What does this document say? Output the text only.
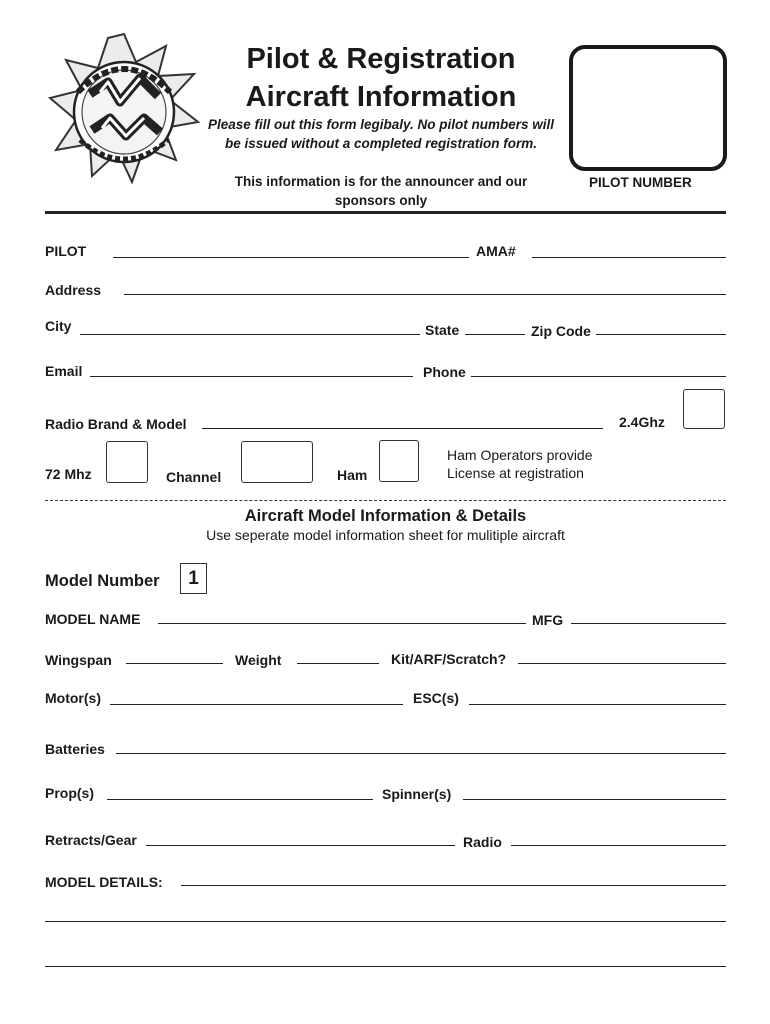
Pilot & Registration
Aircraft Information
Please fill out this form legibaly. No pilot numbers will be issued without a completed registration form.
This information is for the announcer and our sponsors only
PILOT NUMBER
PILOT	AMA#
Address
City	State	Zip Code
Email	Phone
Radio Brand & Model	2.4Ghz
72 Mhz	Channel	Ham
Ham Operators provide
License at registration
Aircraft Model Information & Details
Use seperate model information sheet for mulitiple aircraft
Model Number	1
MODEL NAME	MFG
Wingspan	Weight	Kit/ARF/Scratch?
Motor(s)	ESC(s)
Batteries
Prop(s)	Spinner(s)
Retracts/Gear	Radio
MODEL DETAILS:
